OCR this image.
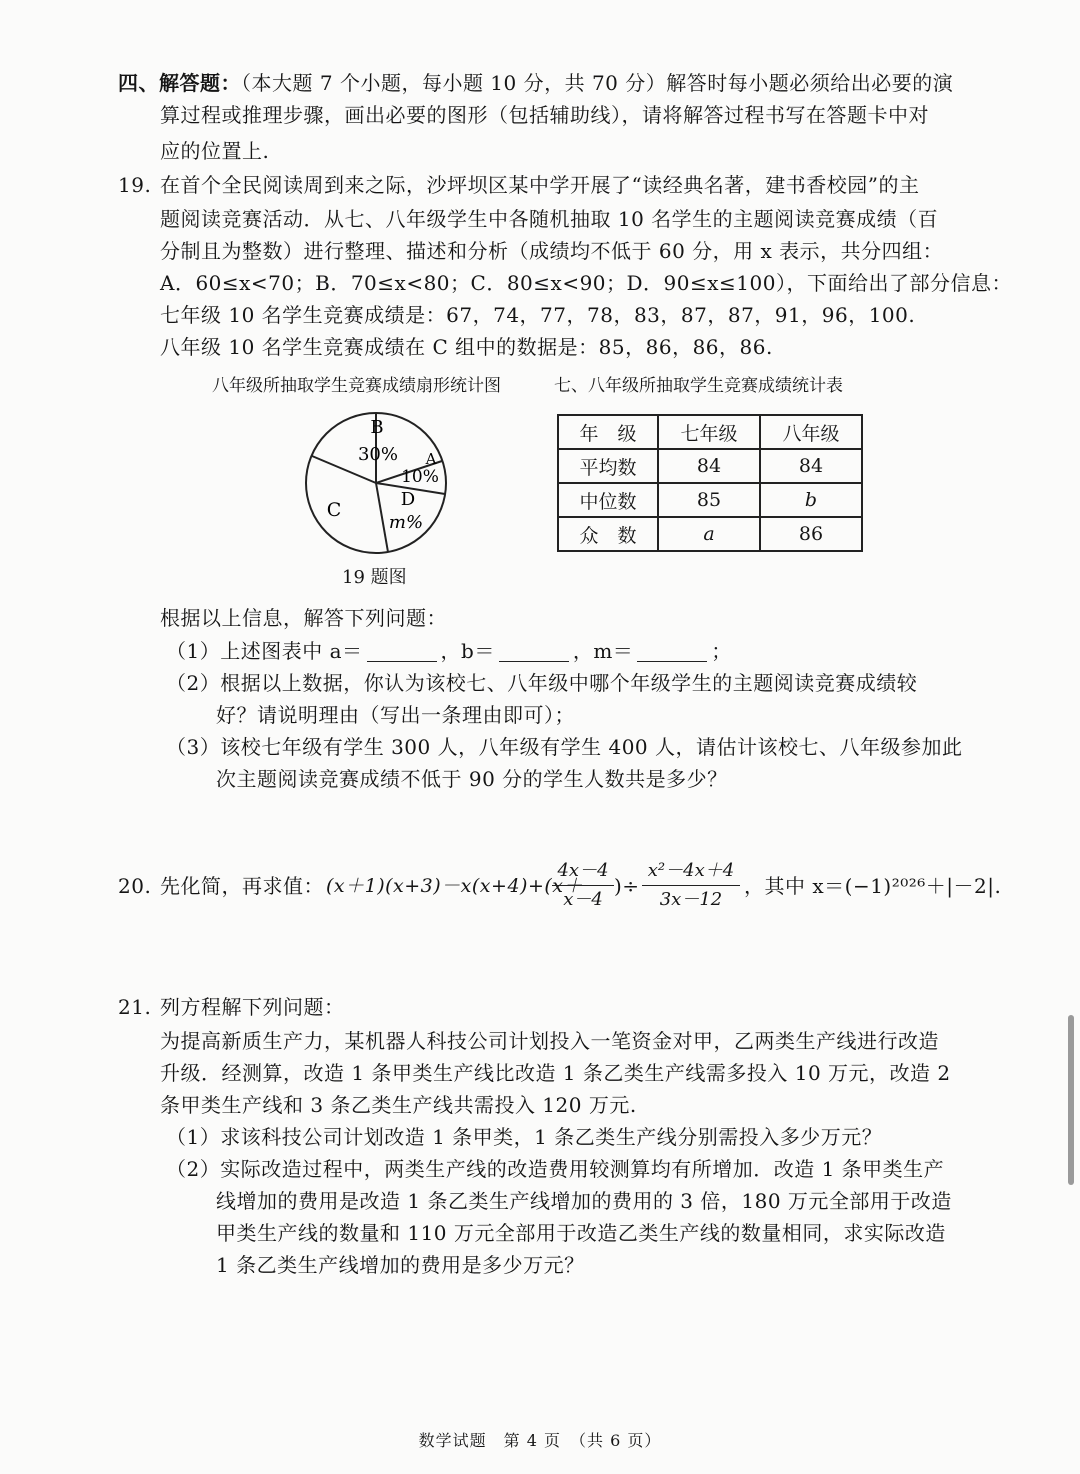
四、解答题：（本大题 7 个小题，每小题 10 分，共 70 分）解答时每小题必须给出必要的演
算过程或推理步骤，画出必要的图形（包括辅助线），请将解答过程书写在答题卡中对
应的位置上.
19. 在首个全民阅读周到来之际，沙坪坝区某中学开展了“读经典名著，建书香校园”的主
题阅读竞赛活动．从七、八年级学生中各随机抽取 10 名学生的主题阅读竞赛成绩（百
分制且为整数）进行整理、描述和分析（成绩均不低于 60 分，用 x 表示，共分四组：
A．60≤x<70；B．70≤x<80；C．80≤x<90；D．90≤x≤100），下面给出了部分信息：
七年级 10 名学生竞赛成绩是：67，74，77，78，83，87，87，91，96，100.
八年级 10 名学生竞赛成绩在 C 组中的数据是：85，86，86，86.
八年级所抽取学生竞赛成绩扇形统计图
B
30% A
10%
D
m%
C
19 题图
七、八年级所抽取学生竞赛成绩统计表
年　级	七年级	八年级
平均数	84	84
中位数	85	b
众　数	a	86
根据以上信息，解答下列问题：
（1）上述图表中 a＝	，b＝	，m＝	；
（2）根据以上数据，你认为该校七、八年级中哪个年级学生的主题阅读竞赛成绩较
好？请说明理由（写出一条理由即可）；
（3）该校七年级有学生 300 人，八年级有学生 400 人，请估计该校七、八年级参加此
次主题阅读竞赛成绩不低于 90 分的学生人数共是多少？
20. 先化简，再求值： (x＋1)(x+3)－x(x+4)+(x＋
4x－4
x－4
)÷
x²－4x＋4
3x－12
，其中 x＝(−1)²⁰²⁶＋|－2|.
21. 列方程解下列问题：
为提高新质生产力，某机器人科技公司计划投入一笔资金对甲，乙两类生产线进行改造
升级．经测算，改造 1 条甲类生产线比改造 1 条乙类生产线需多投入 10 万元，改造 2
条甲类生产线和 3 条乙类生产线共需投入 120 万元.
（1）求该科技公司计划改造 1 条甲类，1 条乙类生产线分别需投入多少万元？
（2）实际改造过程中，两类生产线的改造费用较测算均有所增加．改造 1 条甲类生产
线增加的费用是改造 1 条乙类生产线增加的费用的 3 倍，180 万元全部用于改造
甲类生产线的数量和 110 万元全部用于改造乙类生产线的数量相同，求实际改造
1 条乙类生产线增加的费用是多少万元？
数学试题　第 4 页　（共 6 页）
